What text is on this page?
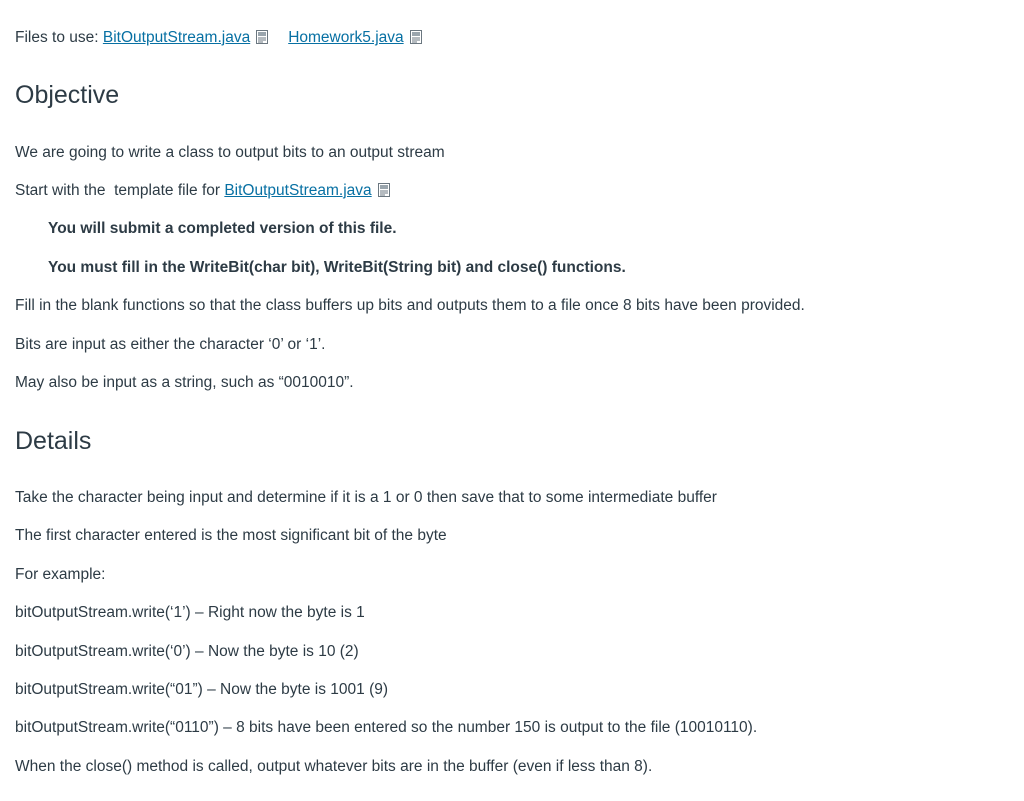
Files to use: BitOutputStream.java Homework5.java
Objective
We are going to write a class to output bits to an output stream
Start with the  template file for BitOutputStream.java
You will submit a completed version of this file.
You must fill in the WriteBit(char bit), WriteBit(String bit) and close() functions.
Fill in the blank functions so that the class buffers up bits and outputs them to a file once 8 bits have been provided.
Bits are input as either the character ‘0’ or ‘1’.
May also be input as a string, such as “0010010”.
Details
Take the character being input and determine if it is a 1 or 0 then save that to some intermediate buffer
The first character entered is the most significant bit of the byte
For example:
bitOutputStream.write(‘1’) – Right now the byte is 1
bitOutputStream.write(‘0’) – Now the byte is 10 (2)
bitOutputStream.write(“01”) – Now the byte is 1001 (9)
bitOutputStream.write(“0110”) – 8 bits have been entered so the number 150 is output to the file (10010110).
When the close() method is called, output whatever bits are in the buffer (even if less than 8).
